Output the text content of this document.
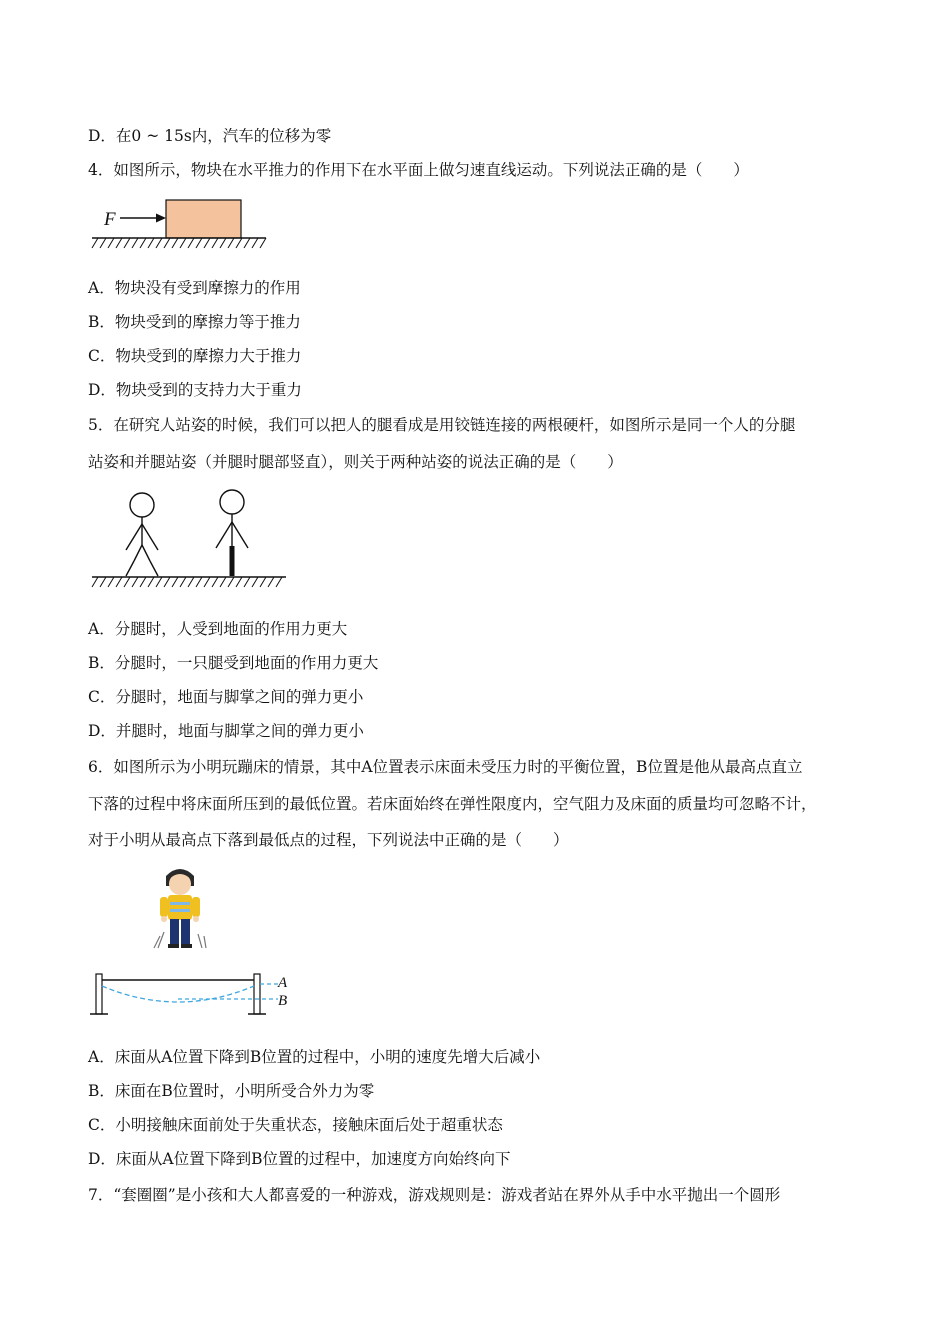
D．在0 ~ 15s内，汽车的位移为零
4．如图所示，物块在水平推力的作用下在水平面上做匀速直线运动。下列说法正确的是（　　）
F
A．物块没有受到摩擦力的作用
B．物块受到的摩擦力等于推力
C．物块受到的摩擦力大于推力
D．物块受到的支持力大于重力
5．在研究人站姿的时候，我们可以把人的腿看成是用铰链连接的两根硬杆，如图所示是同一个人的分腿
站姿和并腿站姿（并腿时腿部竖直），则关于两种站姿的说法正确的是（　　）
A．分腿时，人受到地面的作用力更大
B．分腿时，一只腿受到地面的作用力更大
C．分腿时，地面与脚掌之间的弹力更小
D．并腿时，地面与脚掌之间的弹力更小
6．如图所示为小明玩蹦床的情景，其中A位置表示床面未受压力时的平衡位置，B位置是他从最高点直立
下落的过程中将床面所压到的最低位置。若床面始终在弹性限度内，空气阻力及床面的质量均可忽略不计，
对于小明从最高点下落到最低点的过程，下列说法中正确的是（　　）
A
B
A．床面从A位置下降到B位置的过程中，小明的速度先增大后减小
B．床面在B位置时，小明所受合外力为零
C．小明接触床面前处于失重状态，接触床面后处于超重状态
D．床面从A位置下降到B位置的过程中，加速度方向始终向下
7．“套圈圈”是小孩和大人都喜爱的一种游戏，游戏规则是：游戏者站在界外从手中水平抛出一个圆形
